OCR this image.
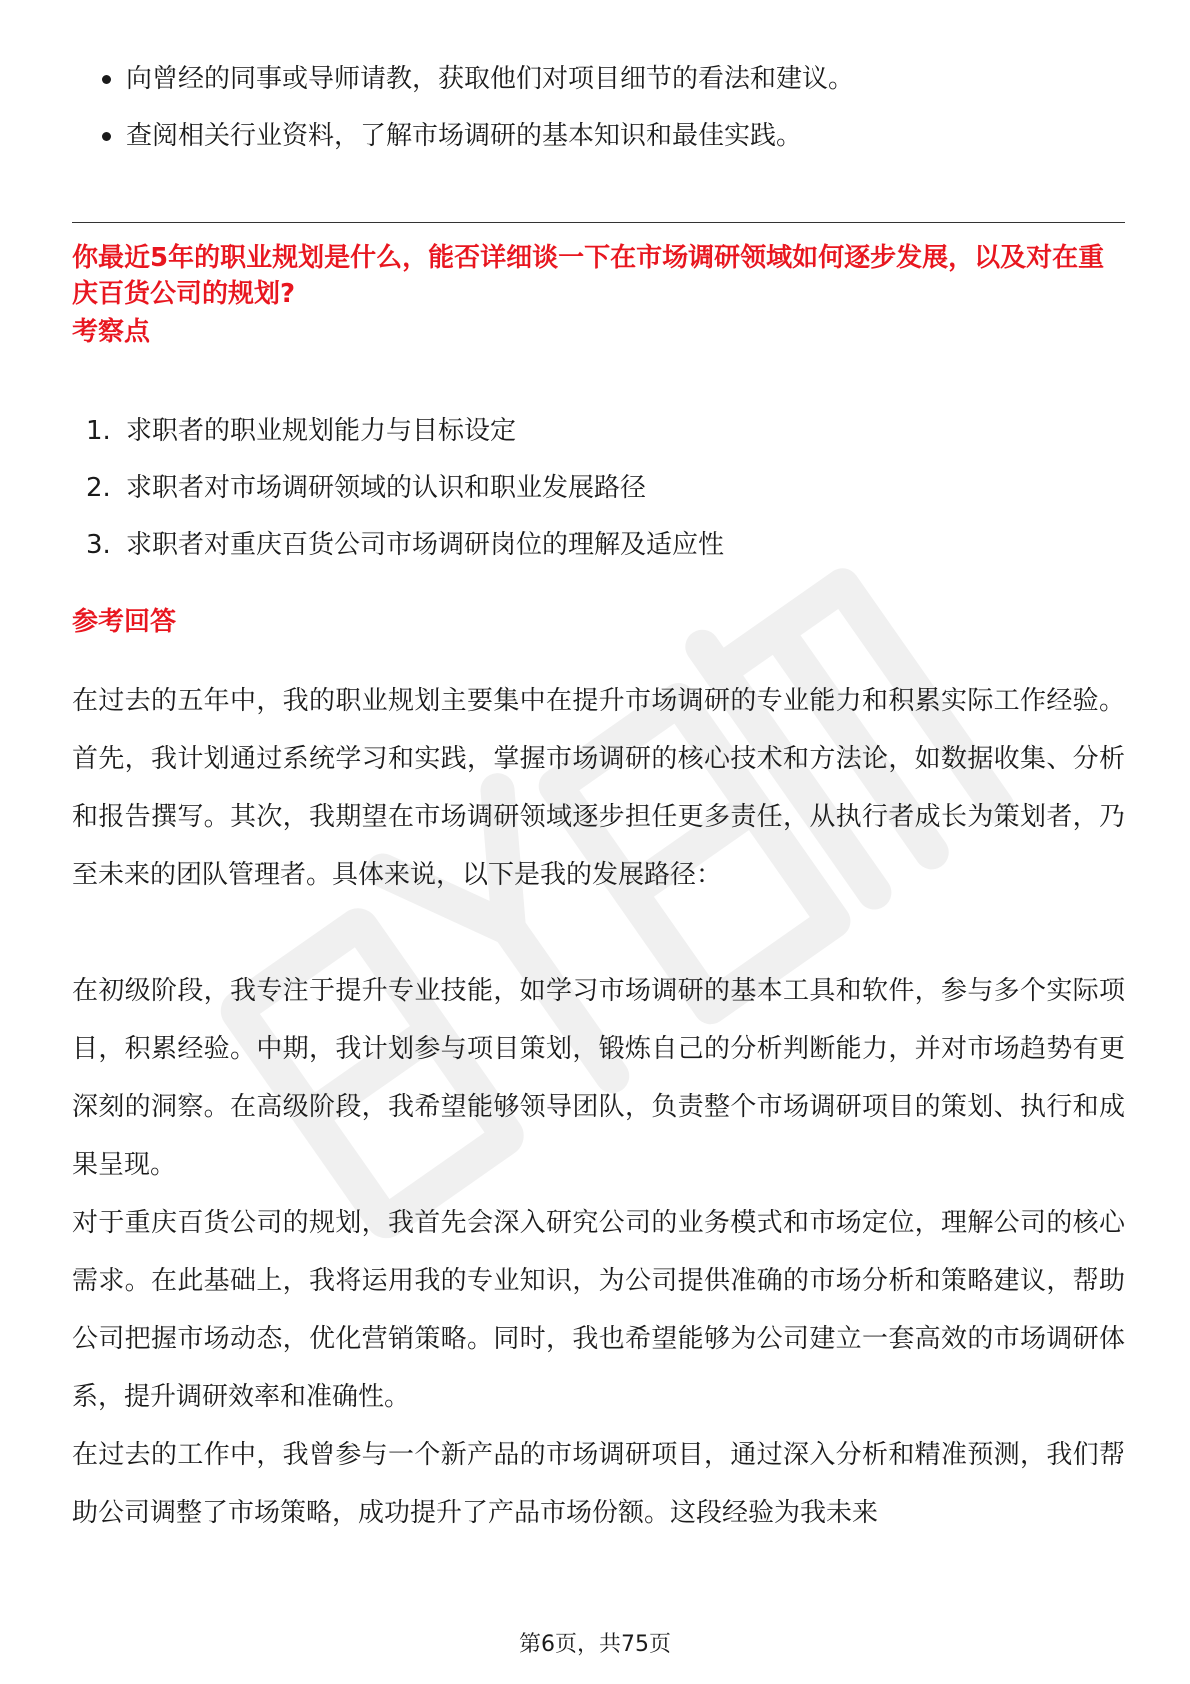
向曾经的同事或导师请教，获取他们对项目细节的看法和建议。
查阅相关行业资料，了解市场调研的基本知识和最佳实践。

你最近5年的职业规划是什么，能否详细谈一下在市场调研领域如何逐步发展，以及对在重庆百货公司的规划?

考察点
1. 求职者的职业规划能力与目标设定
2. 求职者对市场调研领域的认识和职业发展路径
3. 求职者对重庆百货公司市场调研岗位的理解及适应性
参考回答

在过去的五年中，我的职业规划主要集中在提升市场调研的专业能力和积累实际工作经验。首先，我计划通过系统学习和实践，掌握市场调研的核心技术和方法论，如数据收集、分析和报告撰写。其次，我期望在市场调研领域逐步担任更多责任，从执行者成长为策划者，乃至未来的团队管理者。具体来说，以下是我的发展路径：

在初级阶段，我专注于提升专业技能，如学习市场调研的基本工具和软件，参与多个实际项目，积累经验。中期，我计划参与项目策划，锻炼自己的分析判断能力，并对市场趋势有更深刻的洞察。在高级阶段，我希望能够领导团队，负责整个市场调研项目的策划、执行和成果呈现。

对于重庆百货公司的规划，我首先会深入研究公司的业务模式和市场定位，理解公司的核心需求。在此基础上，我将运用我的专业知识，为公司提供准确的市场分析和策略建议，帮助公司把握市场动态，优化营销策略。同时，我也希望能够为公司建立一套高效的市场调研体系，提升调研效率和准确性。

在过去的工作中，我曾参与一个新产品的市场调研项目，通过深入分析和精准预测，我们帮助公司调整了市场策略，成功提升了产品市场份额。这段经验为我未来

第6页，共75页
